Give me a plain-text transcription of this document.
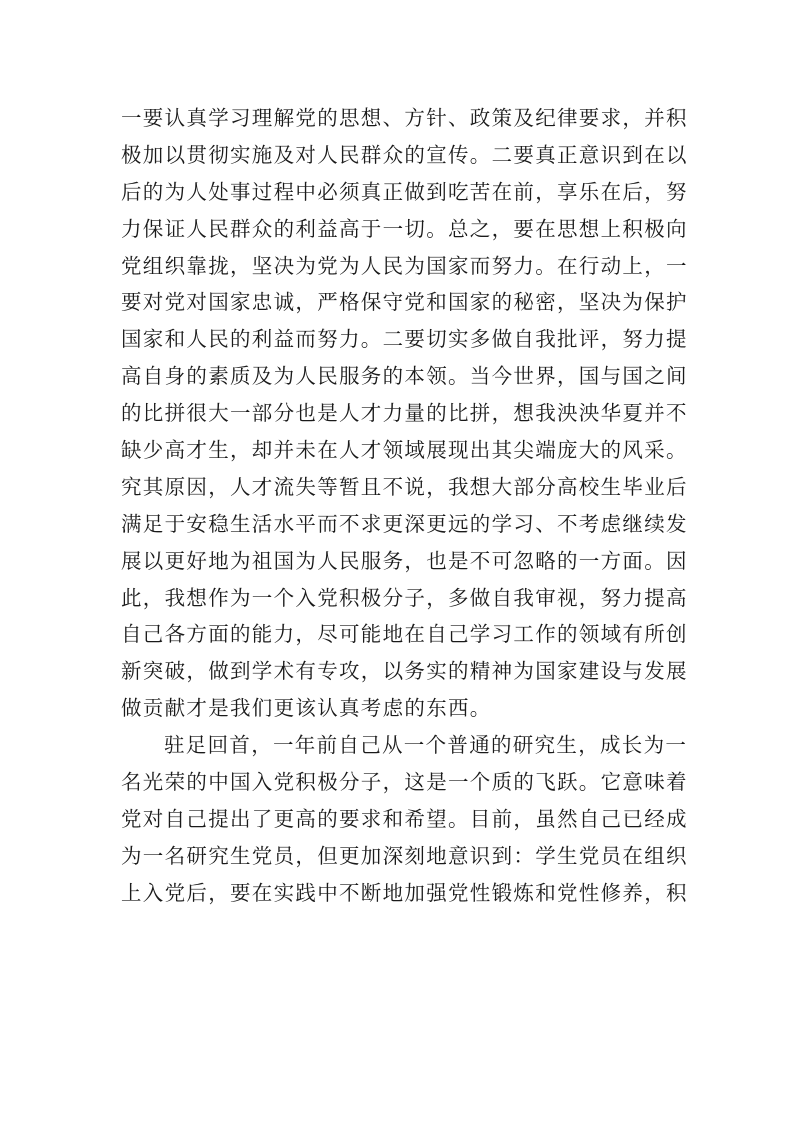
一要认真学习理解党的思想、方针、政策及纪律要求，并积
极加以贯彻实施及对人民群众的宣传。二要真正意识到在以
后的为人处事过程中必须真正做到吃苦在前，享乐在后，努
力保证人民群众的利益高于一切。总之，要在思想上积极向
党组织靠拢，坚决为党为人民为国家而努力。在行动上，一
要对党对国家忠诚，严格保守党和国家的秘密，坚决为保护
国家和人民的利益而努力。二要切实多做自我批评，努力提
高自身的素质及为人民服务的本领。当今世界，国与国之间
的比拼很大一部分也是人才力量的比拼，想我泱泱华夏并不
缺少高才生，却并未在人才领域展现出其尖端庞大的风采。
究其原因，人才流失等暂且不说，我想大部分高校生毕业后
满足于安稳生活水平而不求更深更远的学习、不考虑继续发
展以更好地为祖国为人民服务，也是不可忽略的一方面。因
此，我想作为一个入党积极分子，多做自我审视，努力提高
自己各方面的能力，尽可能地在自己学习工作的领域有所创
新突破，做到学术有专攻，以务实的精神为国家建设与发展
做贡献才是我们更该认真考虑的东西。
驻足回首，一年前自己从一个普通的研究生，成长为一
名光荣的中国入党积极分子，这是一个质的飞跃。它意味着
党对自己提出了更高的要求和希望。目前，虽然自己已经成
为一名研究生党员，但更加深刻地意识到：学生党员在组织
上入党后，要在实践中不断地加强党性锻炼和党性修养，积
